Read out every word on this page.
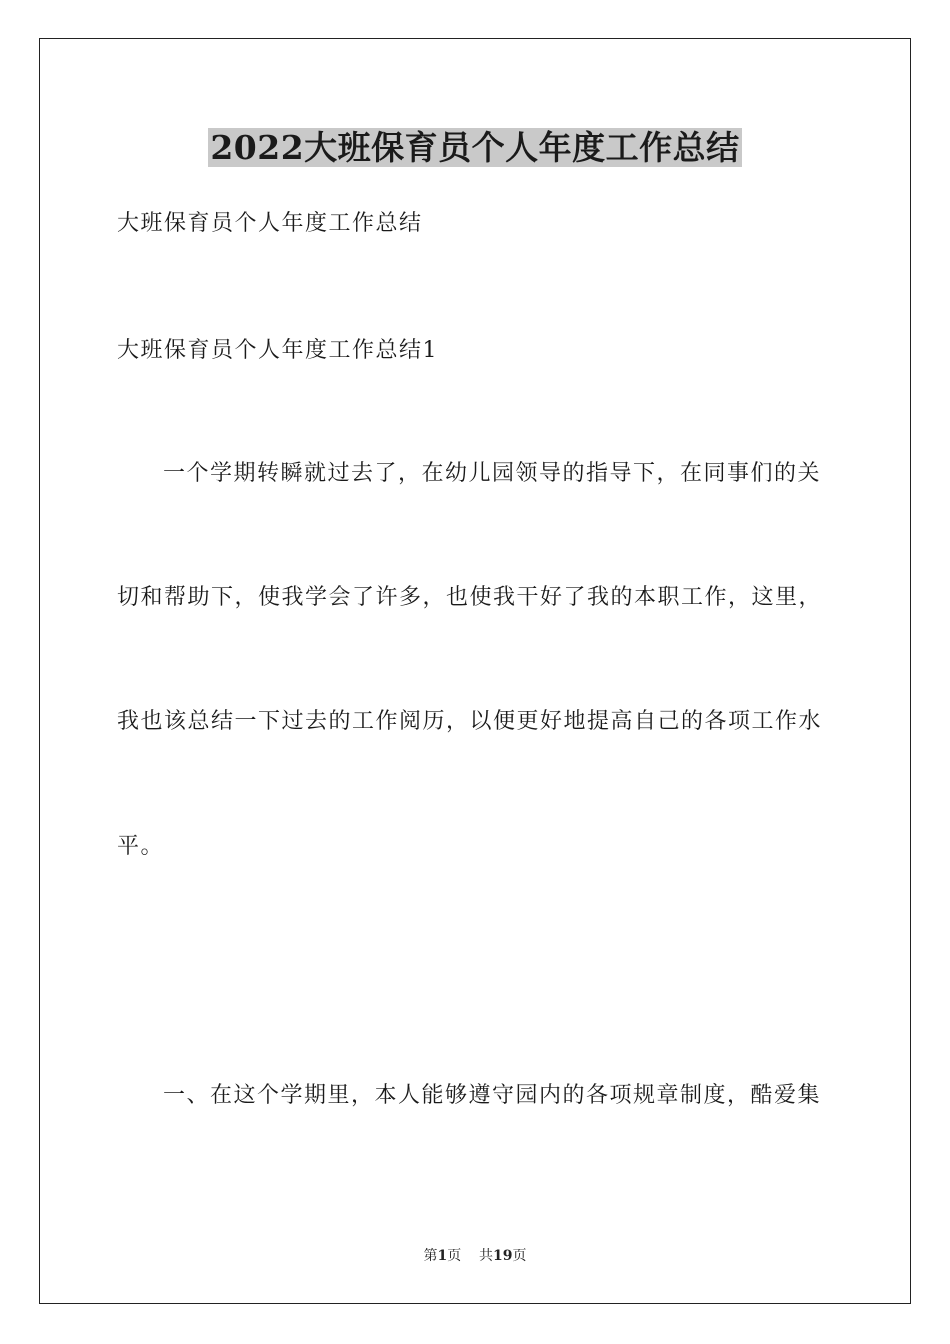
2022大班保育员个人年度工作总结
大班保育员个人年度工作总结
大班保育员个人年度工作总结1
一个学期转瞬就过去了，在幼儿园领导的指导下，在同事们的关
切和帮助下，使我学会了许多，也使我干好了我的本职工作，这里，
我也该总结一下过去的工作阅历，以便更好地提高自己的各项工作水
平。
一、在这个学期里，本人能够遵守园内的各项规章制度，酷爱集
第1页 共19页
